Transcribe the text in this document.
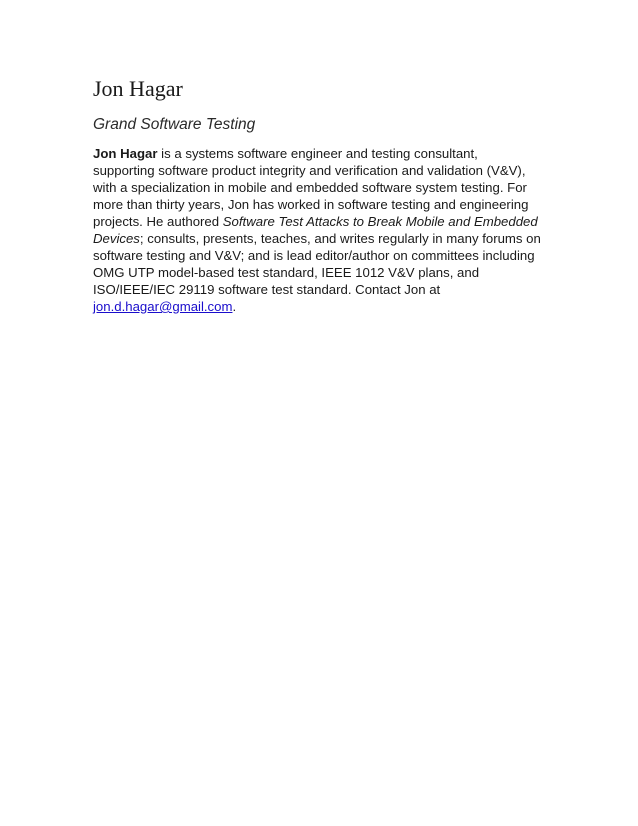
Jon Hagar

Grand Software Testing

Jon Hagar is a systems software engineer and testing consultant, supporting software product integrity and verification and validation (V&V), with a specialization in mobile and embedded software system testing. For more than thirty years, Jon has worked in software testing and engineering projects. He authored Software Test Attacks to Break Mobile and Embedded Devices; consults, presents, teaches, and writes regularly in many forums on software testing and V&V; and is lead editor/author on committees including OMG UTP model-based test standard, IEEE 1012 V&V plans, and ISO/IEEE/IEC 29119 software test standard. Contact Jon at jon.d.hagar@gmail.com.
